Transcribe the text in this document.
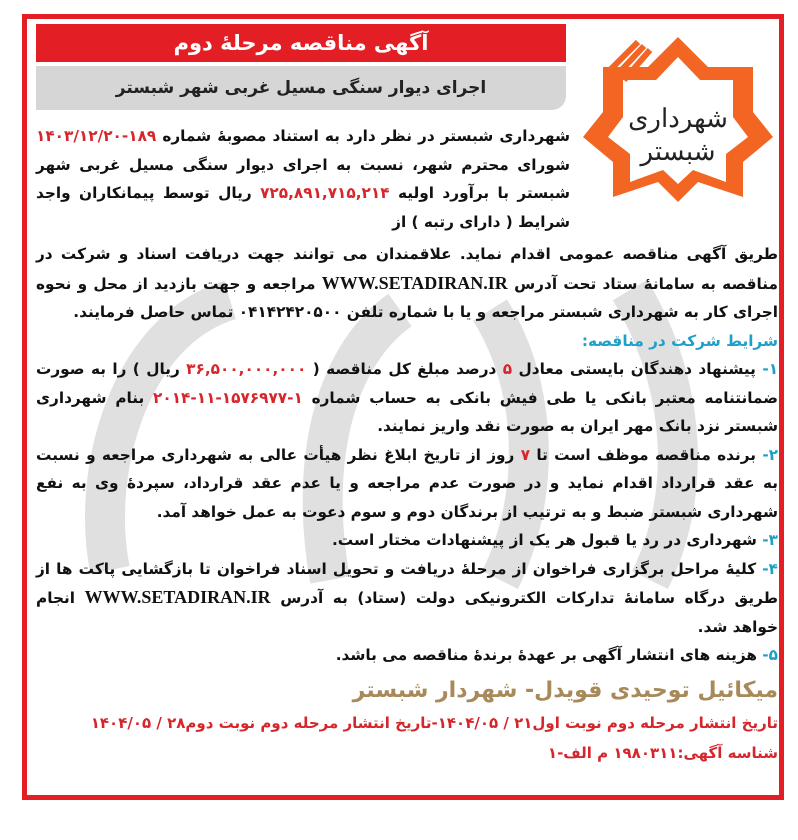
آگهی مناقصه مرحلهٔ دوم
اجرای دیوار سنگی مسیل غربی شهر شبستر
شهرداری
شبستر

شهرداری شبستر در نظر دارد به استناد مصوبهٔ شماره ۱۸۹-۱۴۰۳/۱۲/۲۰ شورای محترم شهر، نسبت به اجرای دیوار سنگی مسیل غربی شهر شبستر با برآورد اولیه ۷۲۵,۸۹۱,۷۱۵,۲۱۴ ریال توسط پیمانکاران واجد شرایط ( دارای رتبه ) از

طریق آگهی مناقصه عمومی اقدام نماید. علاقمندان می توانند جهت دریافت اسناد و شرکت در مناقصه به سامانهٔ ستاد تحت آدرس WWW.SETADIRAN.IR مراجعه و جهت بازدید از محل و نحوه اجرای کار به شهرداری شبستر مراجعه و یا با شماره تلفن ۰۴۱۴۲۴۲۰۵۰۰ تماس حاصل فرمایند.

شرایط شرکت در مناقصه:

۱- پیشنهاد دهندگان بایستی معادل ۵ درصد مبلغ کل مناقصه ( ۳۶,۵۰۰,۰۰۰,۰۰۰ ریال ) را به صورت ضمانتنامه معتبر بانکی یا طی فیش بانکی به حساب شماره ۱-۱۵۷۶۹۷۷-۱۱-۲۰۱۴ بنام شهرداری شبستر نزد بانک مهر ایران به صورت نقد واریز نمایند.

۲- برنده مناقصه موظف است تا ۷ روز از تاریخ ابلاغ نظر هیأت عالی به شهرداری مراجعه و نسبت به عقد قرارداد اقدام نماید و در صورت عدم مراجعه و یا عدم عقد قرارداد، سپردهٔ وی به نفع شهرداری شبستر ضبط و به ترتیب از برندگان دوم و سوم دعوت به عمل خواهد آمد.

۳- شهرداری در رد یا قبول هر یک از پیشنهادات مختار است.

۴- کلیهٔ مراحل برگزاری فراخوان از مرحلهٔ دریافت و تحویل اسناد فراخوان تا بازگشایی پاکت ها از طریق درگاه سامانهٔ تدارکات الکترونیکی دولت (ستاد) به آدرس WWW.SETADIRAN.IR انجام خواهد شد.

۵- هزینه های انتشار آگهی بر عهدهٔ برندهٔ مناقصه می باشد.

میکائیل توحیدی قویدل- شهردار شبستر

تاریخ انتشار مرحله دوم نوبت اول۲۱ / ۱۴۰۴/۰۵-تاریخ انتشار مرحله دوم نوبت دوم۲۸ / ۱۴۰۴/۰۵

شناسه آگهی:۱۹۸۰۳۱۱ م الف-۱
